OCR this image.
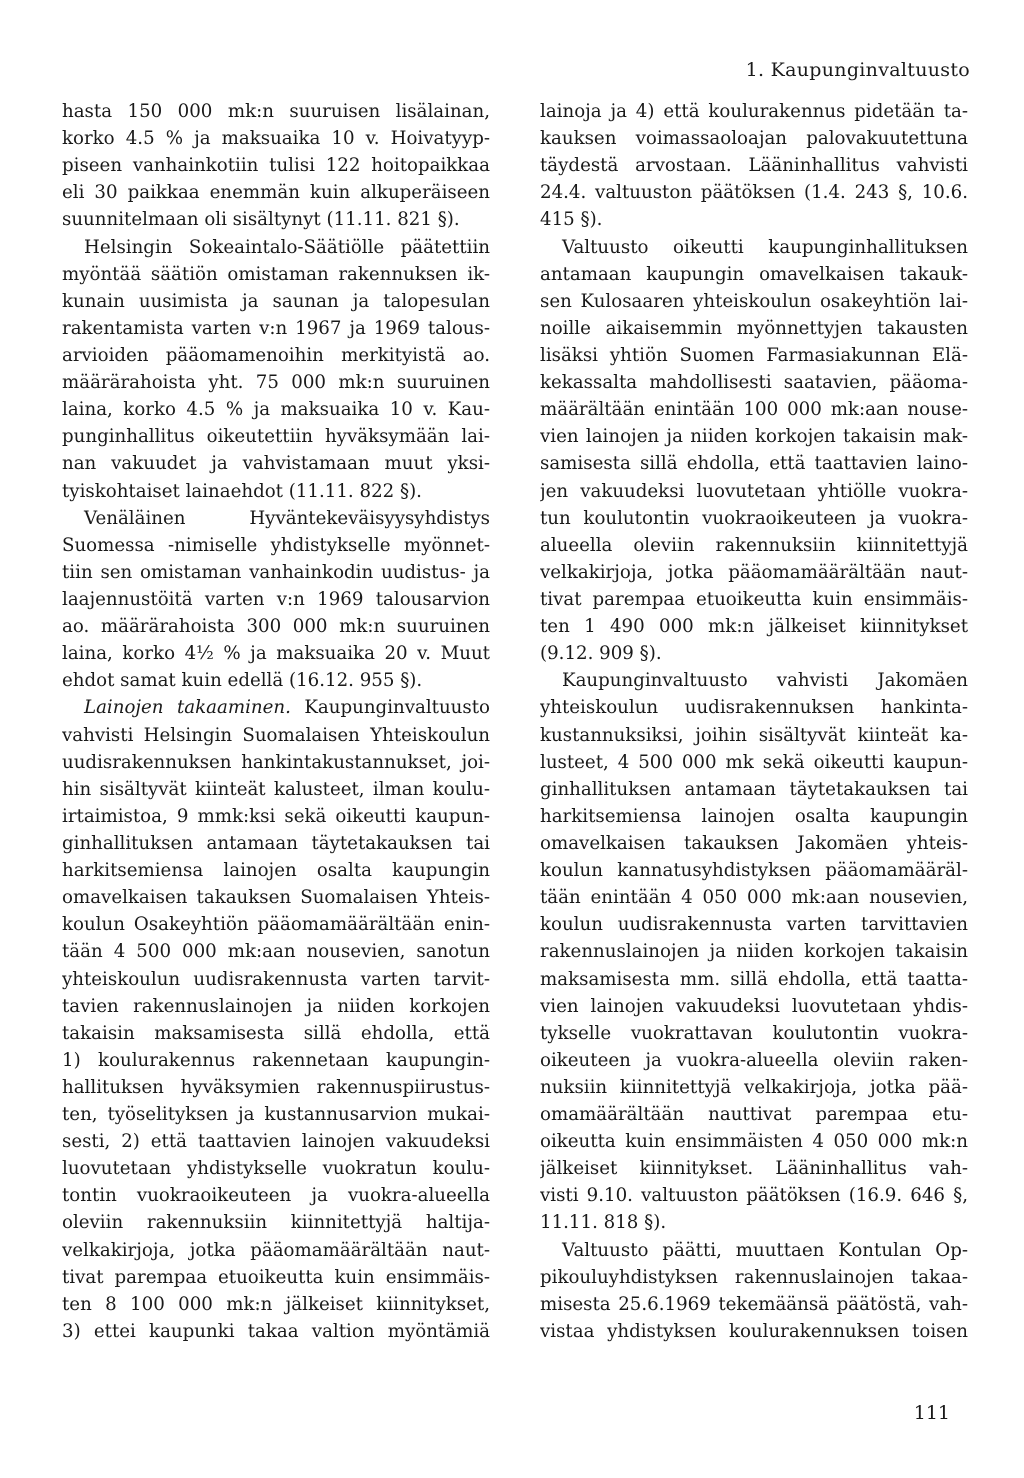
1. Kaupunginvaltuusto
hasta 150 000 mk:n suuruisen lisälainan,
korko 4.5 % ja maksuaika 10 v. Hoivatyyp-
piseen vanhainkotiin tulisi 122 hoitopaikkaa
eli 30 paikkaa enemmän kuin alkuperäiseen
suunnitelmaan oli sisältynyt (11.11. 821 §).
Helsingin Sokeaintalo-Säätiölle päätettiin
myöntää säätiön omistaman rakennuksen ik-
kunain uusimista ja saunan ja talopesulan
rakentamista varten v:n 1967 ja 1969 talous-
arvioiden pääomamenoihin merkityistä ao.
määrärahoista yht. 75 000 mk:n suuruinen
laina, korko 4.5 % ja maksuaika 10 v. Kau-
punginhallitus oikeutettiin hyväksymään lai-
nan vakuudet ja vahvistamaan muut yksi-
tyiskohtaiset lainaehdot (11.11. 822 §).
Venäläinen Hyväntekeväisyysyhdistys
Suomessa -nimiselle yhdistykselle myönnet-
tiin sen omistaman vanhainkodin uudistus- ja
laajennustöitä varten v:n 1969 talousarvion
ao. määrärahoista 300 000 mk:n suuruinen
laina, korko 4½ % ja maksuaika 20 v. Muut
ehdot samat kuin edellä (16.12. 955 §).
Lainojen takaaminen. Kaupunginvaltuusto
vahvisti Helsingin Suomalaisen Yhteiskoulun
uudisrakennuksen hankintakustannukset, joi-
hin sisältyvät kiinteät kalusteet, ilman koulu-
irtaimistoa, 9 mmk:ksi sekä oikeutti kaupun-
ginhallituksen antamaan täytetakauksen tai
harkitsemiensa lainojen osalta kaupungin
omavelkaisen takauksen Suomalaisen Yhteis-
koulun Osakeyhtiön pääomamäärältään enin-
tään 4 500 000 mk:aan nousevien, sanotun
yhteiskoulun uudisrakennusta varten tarvit-
tavien rakennuslainojen ja niiden korkojen
takaisin maksamisesta sillä ehdolla, että
1) koulurakennus rakennetaan kaupungin-
hallituksen hyväksymien rakennuspiirustus-
ten, työselityksen ja kustannusarvion mukai-
sesti, 2) että taattavien lainojen vakuudeksi
luovutetaan yhdistykselle vuokratun koulu-
tontin vuokraoikeuteen ja vuokra-alueella
oleviin rakennuksiin kiinnitettyjä haltija-
velkakirjoja, jotka pääomamäärältään naut-
tivat parempaa etuoikeutta kuin ensimmäis-
ten 8 100 000 mk:n jälkeiset kiinnitykset,
3) ettei kaupunki takaa valtion myöntämiä
lainoja ja 4) että koulurakennus pidetään ta-
kauksen voimassaoloajan palovakuutettuna
täydestä arvostaan. Lääninhallitus vahvisti
24.4. valtuuston päätöksen (1.4. 243 §, 10.6.
415 §).
Valtuusto oikeutti kaupunginhallituksen
antamaan kaupungin omavelkaisen takauk-
sen Kulosaaren yhteiskoulun osakeyhtiön lai-
noille aikaisemmin myönnettyjen takausten
lisäksi yhtiön Suomen Farmasiakunnan Elä-
kekassalta mahdollisesti saatavien, pääoma-
määrältään enintään 100 000 mk:aan nouse-
vien lainojen ja niiden korkojen takaisin mak-
samisesta sillä ehdolla, että taattavien laino-
jen vakuudeksi luovutetaan yhtiölle vuokra-
tun koulutontin vuokraoikeuteen ja vuokra-
alueella oleviin rakennuksiin kiinnitettyjä
velkakirjoja, jotka pääomamäärältään naut-
tivat parempaa etuoikeutta kuin ensimmäis-
ten 1 490 000 mk:n jälkeiset kiinnitykset
(9.12. 909 §).
Kaupunginvaltuusto vahvisti Jakomäen
yhteiskoulun uudisrakennuksen hankinta-
kustannuksiksi, joihin sisältyvät kiinteät ka-
lusteet, 4 500 000 mk sekä oikeutti kaupun-
ginhallituksen antamaan täytetakauksen tai
harkitsemiensa lainojen osalta kaupungin
omavelkaisen takauksen Jakomäen yhteis-
koulun kannatusyhdistyksen pääomamääräl-
tään enintään 4 050 000 mk:aan nousevien,
koulun uudisrakennusta varten tarvittavien
rakennuslainojen ja niiden korkojen takaisin
maksamisesta mm. sillä ehdolla, että taatta-
vien lainojen vakuudeksi luovutetaan yhdis-
tykselle vuokrattavan koulutontin vuokra-
oikeuteen ja vuokra-alueella oleviin raken-
nuksiin kiinnitettyjä velkakirjoja, jotka pää-
omamäärältään nauttivat parempaa etu-
oikeutta kuin ensimmäisten 4 050 000 mk:n
jälkeiset kiinnitykset. Lääninhallitus vah-
visti 9.10. valtuuston päätöksen (16.9. 646 §,
11.11. 818 §).
Valtuusto päätti, muuttaen Kontulan Op-
pikouluyhdistyksen rakennuslainojen takaa-
misesta 25.6.1969 tekemäänsä päätöstä, vah-
vistaa yhdistyksen koulurakennuksen toisen
111
